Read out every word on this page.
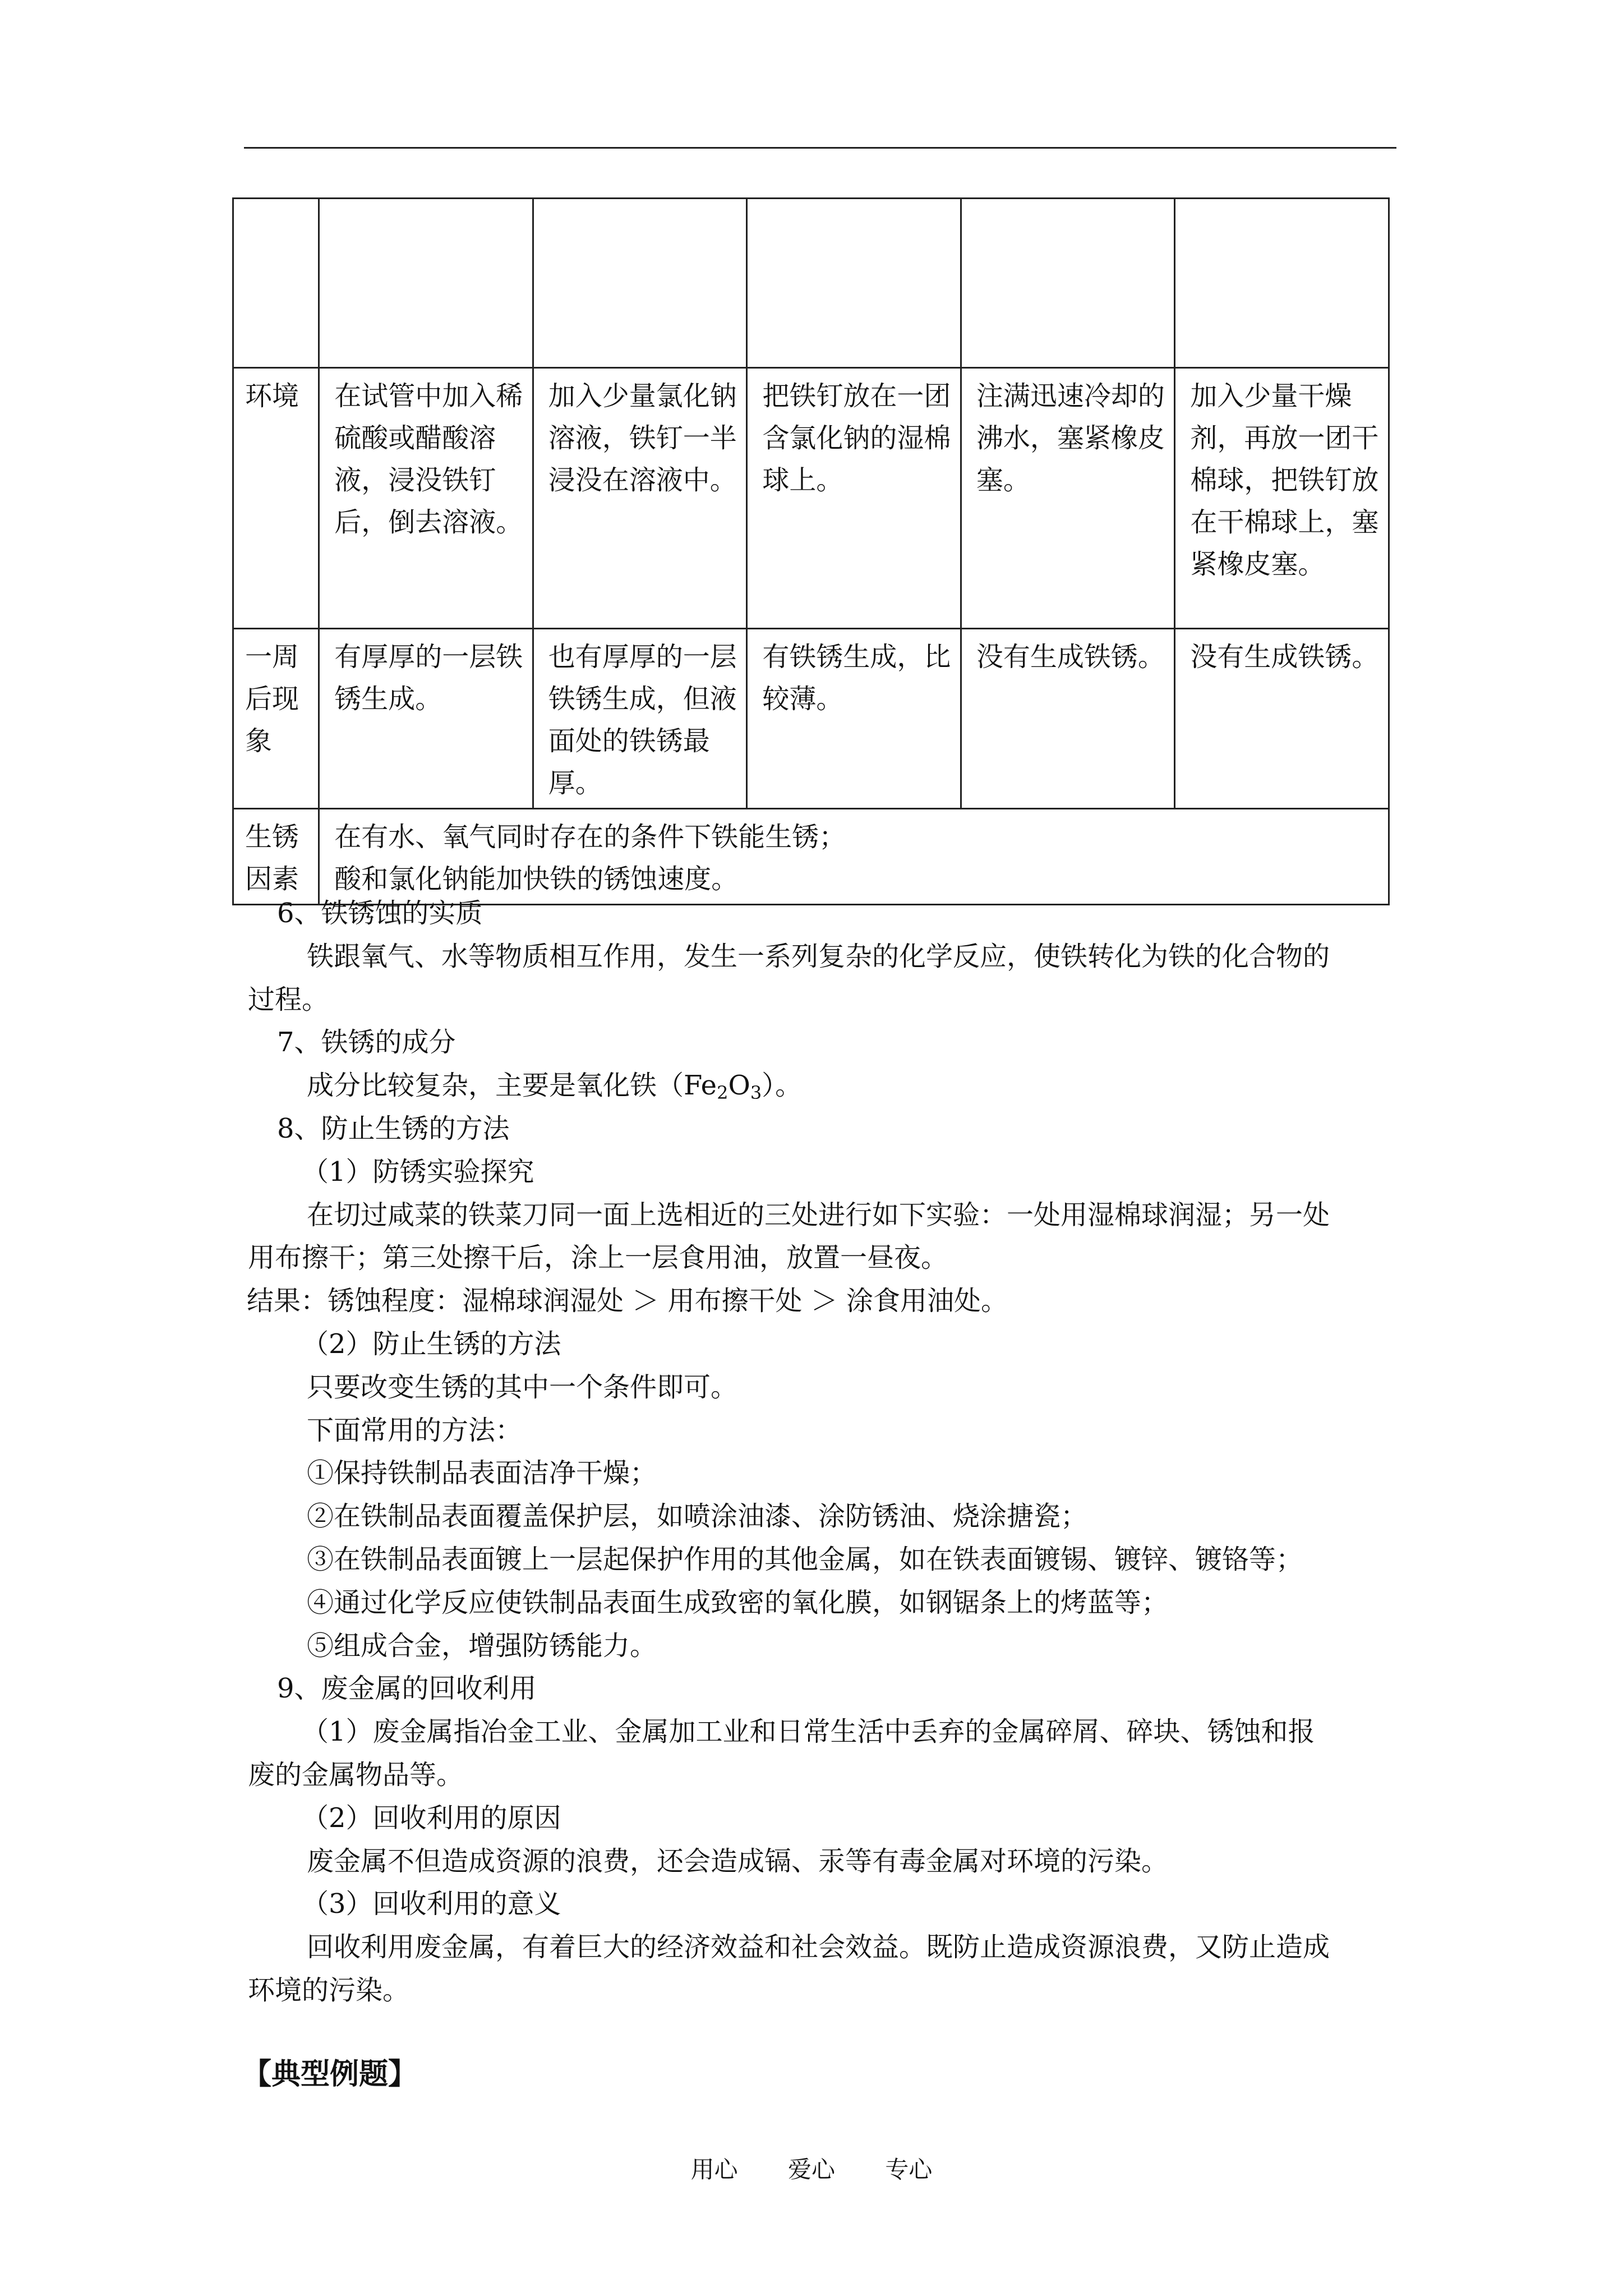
环境	在试管中加入稀硫酸或醋酸溶液，浸没铁钉后，倒去溶液。	加入少量氯化钠溶液，铁钉一半浸没在溶液中。	把铁钉放在一团含氯化钠的湿棉球上。	注满迅速冷却的沸水，塞紧橡皮塞。	加入少量干燥剂，再放一团干棉球，把铁钉放在干棉球上，塞紧橡皮塞。
一周后现象	有厚厚的一层铁锈生成。	也有厚厚的一层铁锈生成，但液面处的铁锈最厚。	有铁锈生成，比较薄。	没有生成铁锈。	没有生成铁锈。
生锈因素	在有水、氧气同时存在的条件下铁能生锈；
酸和氯化钠能加快铁的锈蚀速度。				

6、铁锈蚀的实质

铁跟氧气、水等物质相互作用，发生一系列复杂的化学反应，使铁转化为铁的化合物的

过程。

7、铁锈的成分

成分比较复杂，主要是氧化铁$(Fe_2O_3)$。

8、防止生锈的方法

（1）防锈实验探究

在切过咸菜的铁菜刀同一面上选相近的三处进行如下实验：一处用湿棉球润湿；另一处

用布擦干；第三处擦干后，涂上一层食用油，放置一昼夜。

结果：锈蚀程度：湿棉球润湿处 ＞ 用布擦干处 ＞ 涂食用油处。

（2）防止生锈的方法

只要改变生锈的其中一个条件即可。

下面常用的方法：

①保持铁制品表面洁净干燥；

②在铁制品表面覆盖保护层，如喷涂油漆、涂防锈油、烧涂搪瓷；

③在铁制品表面镀上一层起保护作用的其他金属，如在铁表面镀锡、镀锌、镀铬等；

④通过化学反应使铁制品表面生成致密的氧化膜，如钢锯条上的烤蓝等；

⑤组成合金，增强防锈能力。

9、废金属的回收利用

（1）废金属指冶金工业、金属加工业和日常生活中丢弃的金属碎屑、碎块、锈蚀和报

废的金属物品等。

（2）回收利用的原因

废金属不但造成资源的浪费，还会造成镉、汞等有毒金属对环境的污染。

（3）回收利用的意义

回收利用废金属，有着巨大的经济效益和社会效益。既防止造成资源浪费，又防止造成

环境的污染。

【典型例题】
用心 爱心 专心
